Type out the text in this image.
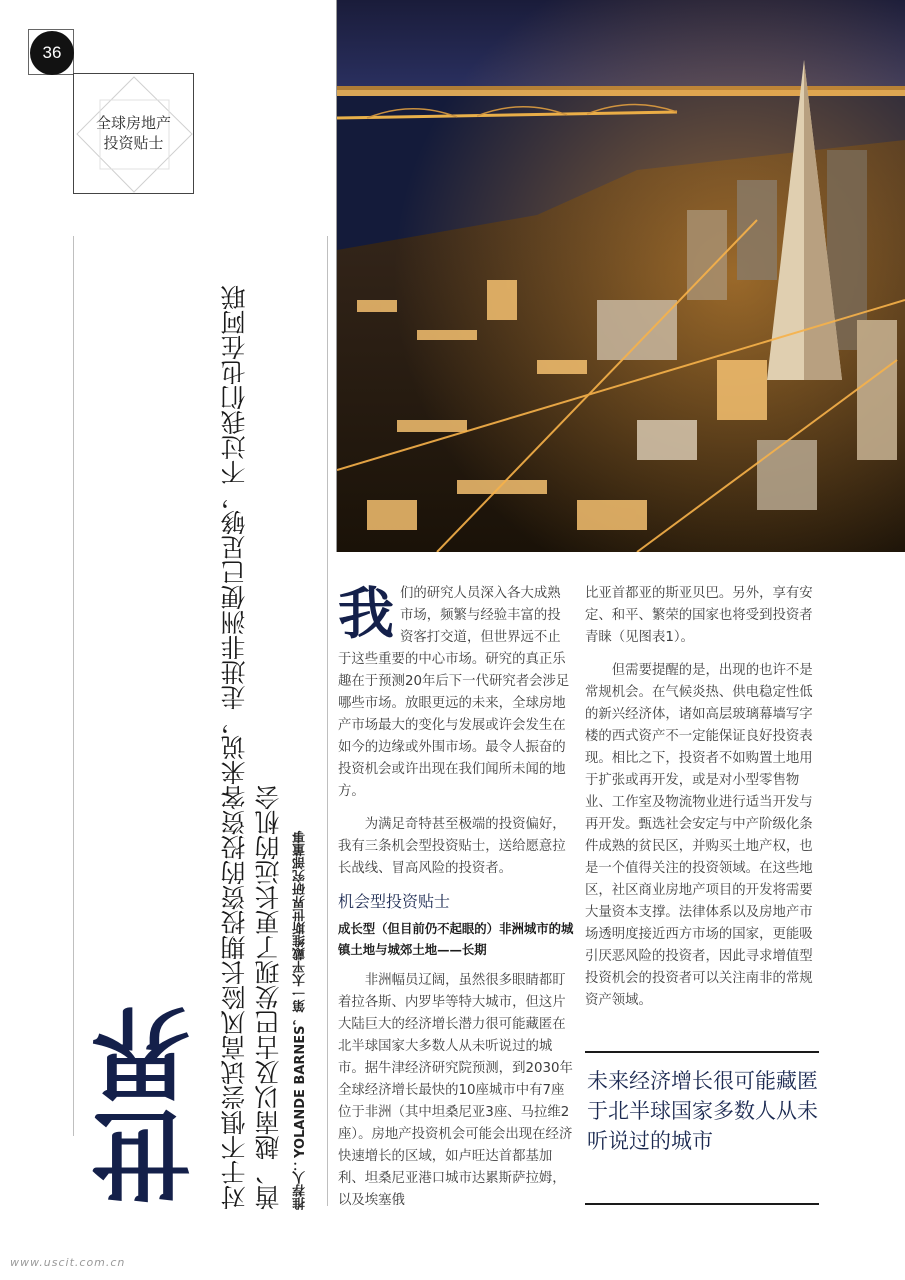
36
全球房地产
投资贴士
世界 对于不惧尝试高风险长期投资的投资客来说，走进非洲便已足够，不过我们也在阿联 酋、越南以及古巴发现了更长远的机会 推荐人：YOLANDE BARNES，第一太平戴维斯世界研究部董事

我们的研究人员深入各大成熟市场，频繁与经验丰富的投资客打交道，但世界远不止于这些重要的中心市场。研究的真正乐趣在于预测20年后下一代研究者会涉足哪些市场。放眼更远的未来，全球房地产市场最大的变化与发展或许会发生在如今的边缘或外围市场。最令人振奋的投资机会或许出现在我们闻所未闻的地方。

为满足奇特甚至极端的投资偏好，我有三条机会型投资贴士，送给愿意拉长战线、冒高风险的投资者。

机会型投资贴士
成长型（但目前仍不起眼的）非洲城市的城镇土地与城郊土地——长期

非洲幅员辽阔，虽然很多眼睛都盯着拉各斯、内罗毕等特大城市，但这片大陆巨大的经济增长潜力很可能藏匿在北半球国家大多数人从未听说过的城市。据牛津经济研究院预测，到2030年全球经济增长最快的10座城市中有7座位于非洲（其中坦桑尼亚3座、马拉维2座）。房地产投资机会可能会出现在经济快速增长的区域，如卢旺达首都基加利、坦桑尼亚港口城市达累斯萨拉姆，以及埃塞俄

比亚首都亚的斯亚贝巴。另外，享有安定、和平、繁荣的国家也将受到投资者青睐（见图表1）。

但需要提醒的是，出现的也许不是常规机会。在气候炎热、供电稳定性低的新兴经济体，诸如高层玻璃幕墙写字楼的西式资产不一定能保证良好投资表现。相比之下，投资者不如购置土地用于扩张或再开发，或是对小型零售物业、工作室及物流物业进行适当开发与再开发。甄选社会安定与中产阶级化条件成熟的贫民区，并购买土地产权，也是一个值得关注的投资领域。在这些地区，社区商业房地产项目的开发将需要大量资本支撑。法律体系以及房地产市场透明度接近西方市场的国家，更能吸引厌恶风险的投资者，因此寻求增值型投资机会的投资者可以关注南非的常规资产领域。

未来经济增长很可能藏匿于北半球国家多数人从未听说过的城市
www.uscit.com.cn
